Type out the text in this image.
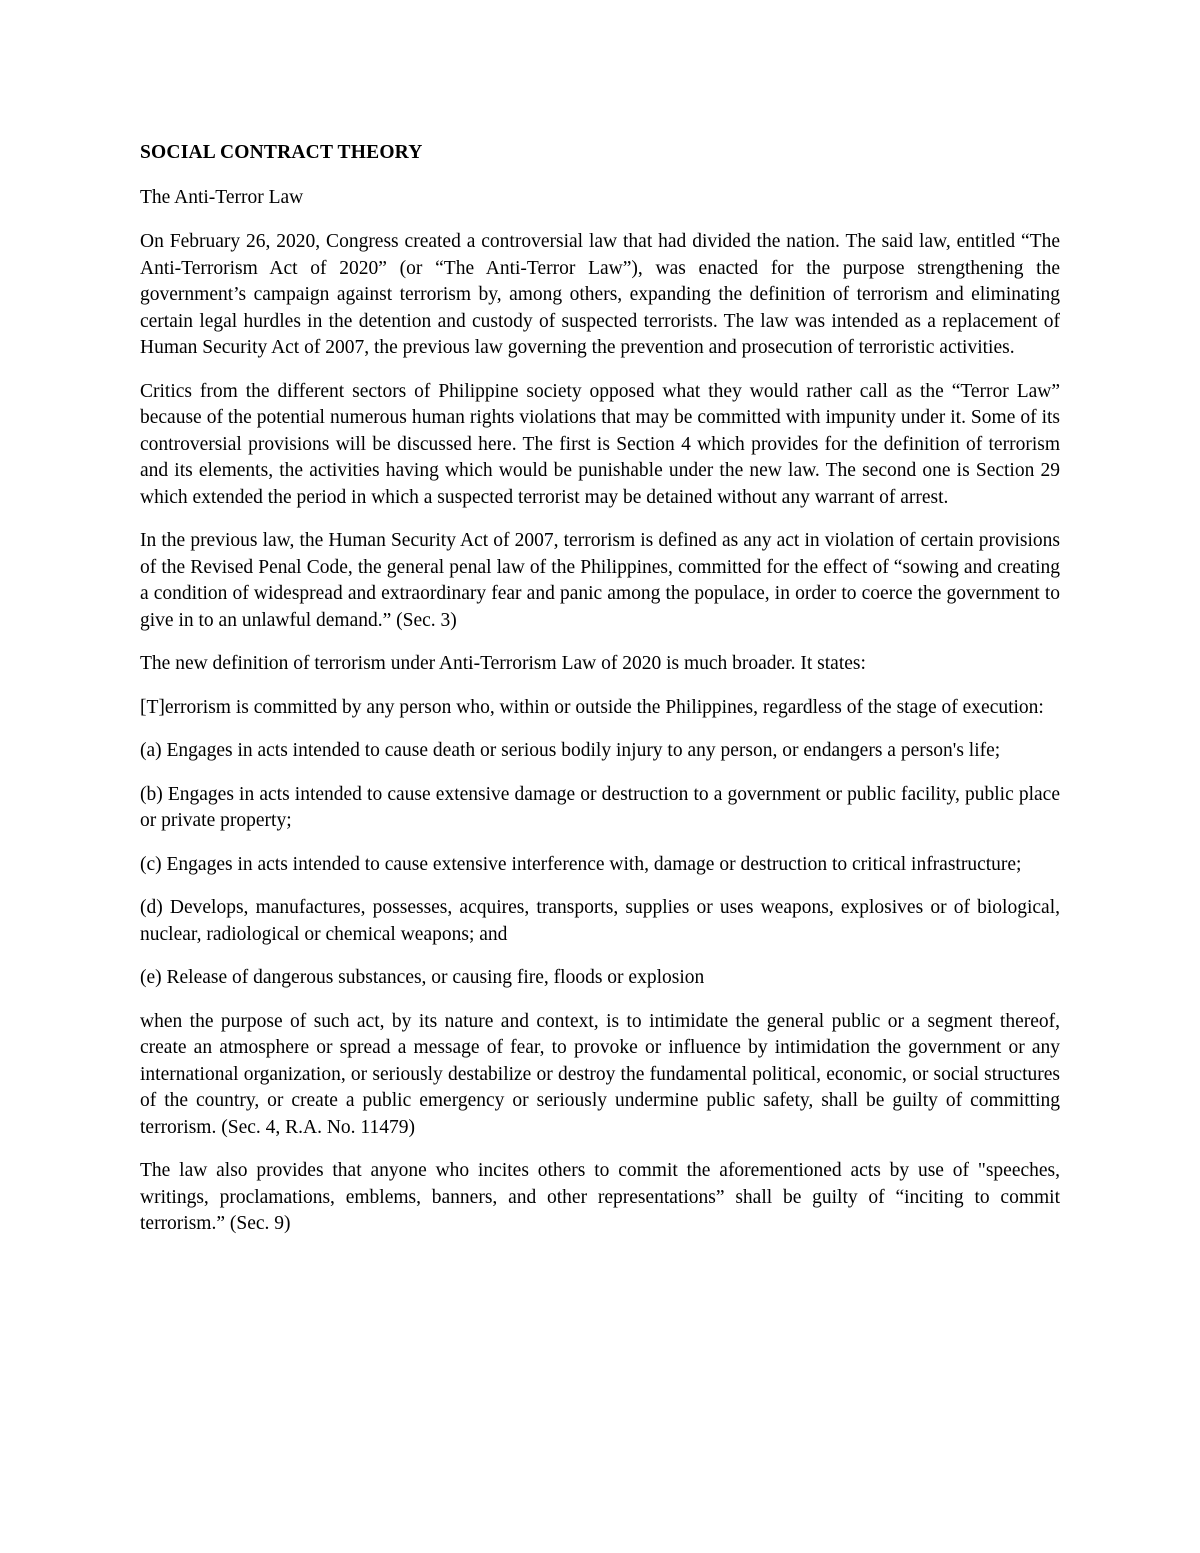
SOCIAL CONTRACT THEORY
The Anti-Terror Law

On February 26, 2020, Congress created a controversial law that had divided the nation. The said law, entitled “The Anti-Terrorism Act of 2020” (or “The Anti-Terror Law”), was enacted for the purpose strengthening the government’s campaign against terrorism by, among others, expanding the definition of terrorism and eliminating certain legal hurdles in the detention and custody of suspected terrorists. The law was intended as a replacement of Human Security Act of 2007, the previous law governing the prevention and prosecution of terroristic activities.

Critics from the different sectors of Philippine society opposed what they would rather call as the “Terror Law” because of the potential numerous human rights violations that may be committed with impunity under it. Some of its controversial provisions will be discussed here. The first is Section 4 which provides for the definition of terrorism and its elements, the activities having which would be punishable under the new law. The second one is Section 29 which extended the period in which a suspected terrorist may be detained without any warrant of arrest.

In the previous law, the Human Security Act of 2007, terrorism is defined as any act in violation of certain provisions of the Revised Penal Code, the general penal law of the Philippines, committed for the effect of “sowing and creating a condition of widespread and extraordinary fear and panic among the populace, in order to coerce the government to give in to an unlawful demand.” (Sec. 3)

The new definition of terrorism under Anti-Terrorism Law of 2020 is much broader. It states:

[T]errorism is committed by any person who, within or outside the Philippines, regardless of the stage of execution:

(a) Engages in acts intended to cause death or serious bodily injury to any person, or endangers a person's life;

(b) Engages in acts intended to cause extensive damage or destruction to a government or public facility, public place or private property;

(c) Engages in acts intended to cause extensive interference with, damage or destruction to critical infrastructure;

(d) Develops, manufactures, possesses, acquires, transports, supplies or uses weapons, explosives or of biological, nuclear, radiological or chemical weapons; and

(e) Release of dangerous substances, or causing fire, floods or explosion

when the purpose of such act, by its nature and context, is to intimidate the general public or a segment thereof, create an atmosphere or spread a message of fear, to provoke or influence by intimidation the government or any international organization, or seriously destabilize or destroy the fundamental political, economic, or social structures of the country, or create a public emergency or seriously undermine public safety, shall be guilty of committing terrorism. (Sec. 4, R.A. No. 11479)

The law also provides that anyone who incites others to commit the aforementioned acts by use of "speeches, writings, proclamations, emblems, banners, and other representations” shall be guilty of “inciting to commit terrorism.” (Sec. 9)
